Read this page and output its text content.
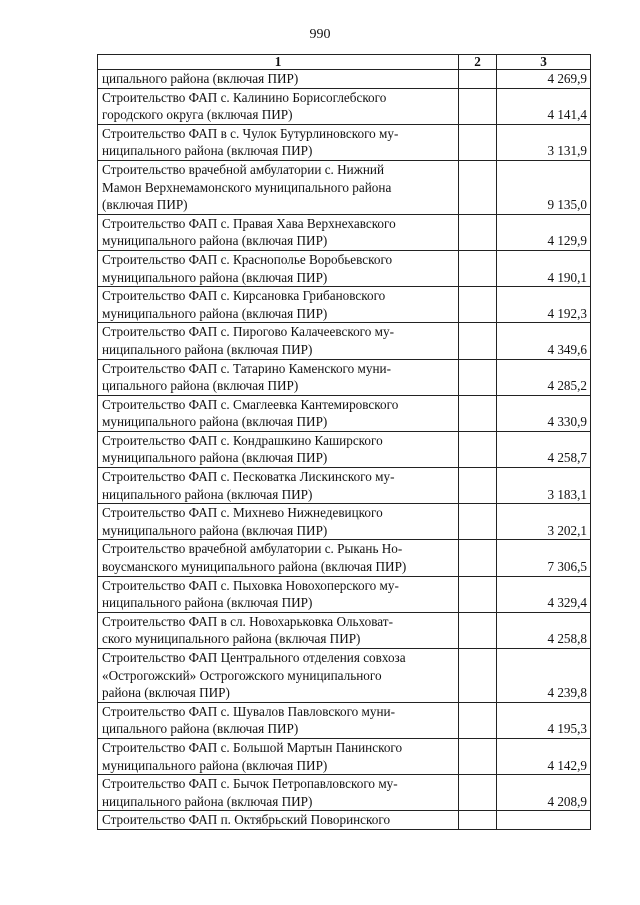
990
1	2	3
ципального района (включая ПИР)		4 269,9
Строительство ФАП с. Калинино Борисоглебского
городского округа (включая ПИР)		4 141,4
Строительство ФАП в с. Чулок Бутурлиновского му-
ниципального района (включая ПИР)		3 131,9
Строительство врачебной амбулатории с. Нижний
Мамон Верхнемамонского муниципального района
(включая ПИР)		9 135,0
Строительство ФАП с. Правая Хава Верхнехавского
муниципального района (включая ПИР)		4 129,9
Строительство ФАП с. Краснополье Воробьевского
муниципального района (включая ПИР)		4 190,1
Строительство ФАП с. Кирсановка Грибановского
муниципального района (включая ПИР)		4 192,3
Строительство ФАП с. Пирогово Калачеевского му-
ниципального района (включая ПИР)		4 349,6
Строительство ФАП с. Татарино Каменского муни-
ципального района (включая ПИР)		4 285,2
Строительство ФАП с. Смаглеевка Кантемировского
муниципального района (включая ПИР)		4 330,9
Строительство ФАП с. Кондрашкино Каширского
муниципального района (включая ПИР)		4 258,7
Строительство ФАП с. Песковатка Лискинского му-
ниципального района (включая ПИР)		3 183,1
Строительство ФАП с. Михнево Нижнедевицкого
муниципального района (включая ПИР)		3 202,1
Строительство врачебной амбулатории с. Рыкань Но-
воусманского муниципального района (включая ПИР)		7 306,5
Строительство ФАП с. Пыховка Новохоперского му-
ниципального района (включая ПИР)		4 329,4
Строительство ФАП в сл. Новохарьковка Ольховат-
ского муниципального района (включая ПИР)		4 258,8
Строительство ФАП Центрального отделения совхоза
«Острогожский» Острогожского муниципального
района (включая ПИР)		4 239,8
Строительство ФАП с. Шувалов Павловского муни-
ципального района (включая ПИР)		4 195,3
Строительство ФАП с. Большой Мартын Панинского
муниципального района (включая ПИР)		4 142,9
Строительство ФАП с. Бычок Петропавловского му-
ниципального района (включая ПИР)		4 208,9
Строительство ФАП п. Октябрьский Поворинского		
